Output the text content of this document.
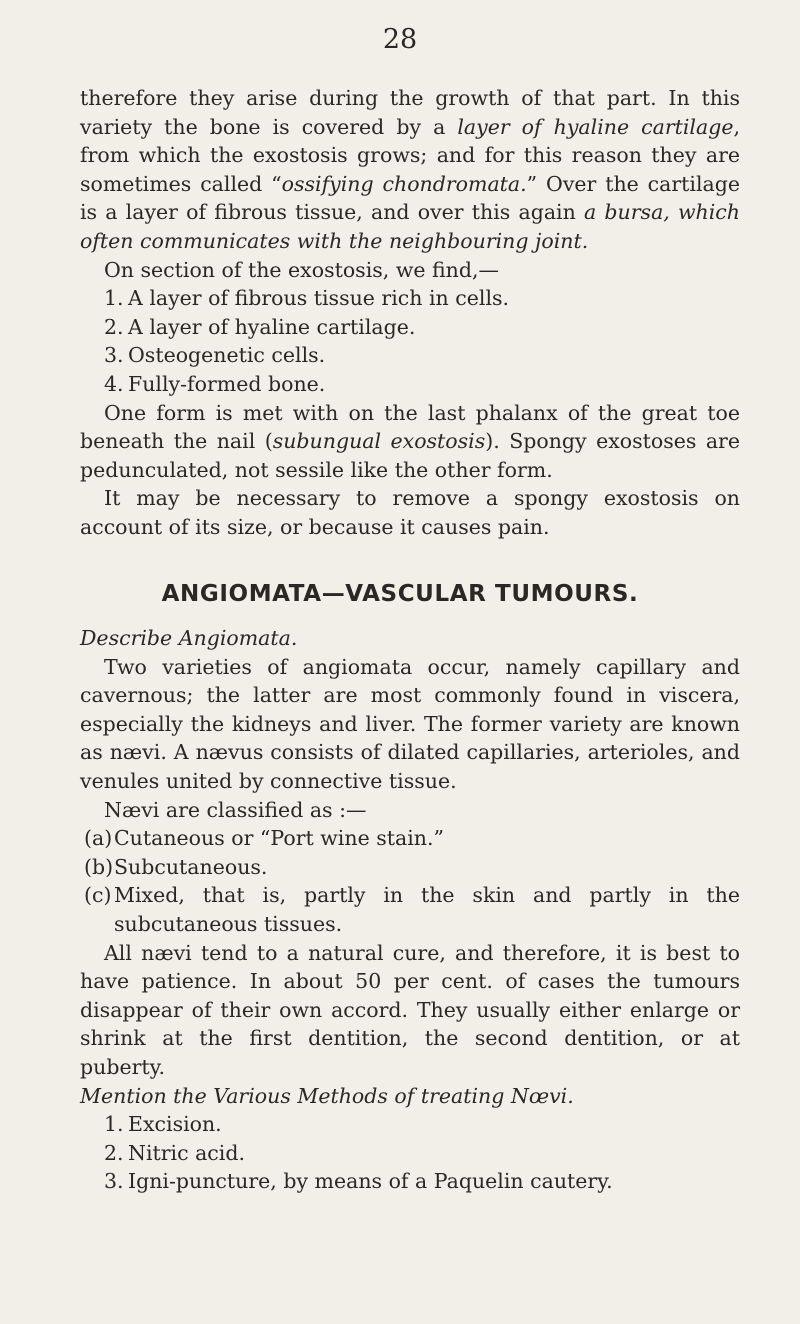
28

therefore they arise during the growth of that part. In this variety the bone is covered by a layer of hyaline cartilage, from which the exostosis grows; and for this reason they are sometimes called “ossifying chondromata.” Over the cartilage is a layer of fibrous tissue, and over this again a bursa, which often communicates with the neighbouring joint.

On section of the exostosis, we find,—

1. A layer of fibrous tissue rich in cells.
2. A layer of hyaline cartilage.
3. Osteogenetic cells.
4. Fully-formed bone.

One form is met with on the last phalanx of the great toe beneath the nail (subungual exostosis). Spongy exostoses are pedunculated, not sessile like the other form.

It may be necessary to remove a spongy exostosis on account of its size, or because it causes pain.

ANGIOMATA—VASCULAR TUMOURS.

Describe Angiomata.

Two varieties of angiomata occur, namely capillary and cavernous; the latter are most commonly found in viscera, especially the kidneys and liver. The former variety are known as nævi. A nævus consists of dilated capillaries, arterioles, and venules united by connective tissue.

Nævi are classified as :—

(a)Cutaneous or “Port wine stain.”
(b)Subcutaneous.
(c) Mixed, that is, partly in the skin and partly in the subcutaneous tissues.

All nævi tend to a natural cure, and therefore, it is best to have patience. In about 50 per cent. of cases the tumours disappear of their own accord. They usually either enlarge or shrink at the first dentition, the second dentition, or at puberty.

Mention the Various Methods of treating Nœvi.

1. Excision.
2. Nitric acid.
3. Igni-puncture, by means of a Paquelin cautery.
